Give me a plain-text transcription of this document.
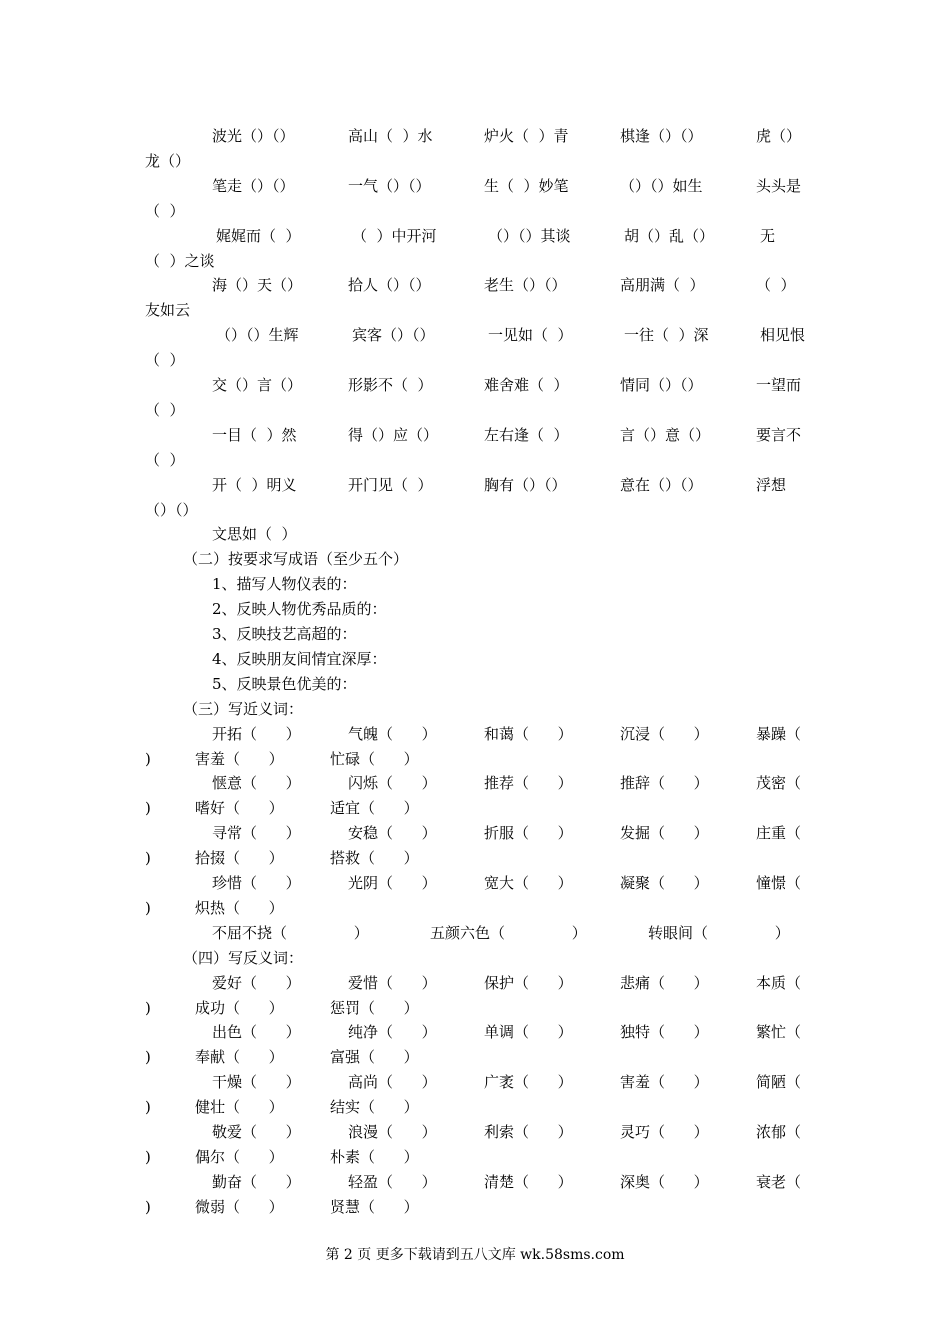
波光（）（）	高山（  ）水	炉火（  ）青	棋逢（）（）	虎（）
龙（）
笔走（）（）	一气（）（）	生（  ）妙笔	（）（）如生	头头是
（  ）
娓娓而（  ）	（  ）中开河	（）（）其谈	胡（）乱（）	无
（  ）之谈
海（）天（）	拾人（）（）	老生（）（）	高朋满（  ）	（  ）
友如云
（）（）生辉	宾客（）（）	一见如（  ）	一往（  ）深	相见恨
（  ）
交（）言（）	形影不（  ）	难舍难（  ）	情同（）（）	一望而
（  ）
一目（  ）然	得（）应（）	左右逢（  ）	言（）意（）	要言不
（  ）
开（  ）明义	开门见（  ）	胸有（）（）	意在（）（）	浮想
（）（）
文思如（  ）
（二）按要求写成语（至少五个）
1、描写人物仪表的：
2、反映人物优秀品质的：
3、反映技艺高超的：
4、反映朋友间情宜深厚：
5、反映景色优美的：
（三）写近义词：
开拓（      ）	气魄（      ）	和蔼（      ）	沉浸（      ）	暴躁（
)	害羞（      ）	忙碌（      ）
惬意（      ）	闪烁（      ）	推荐（      ）	推辞（      ）	茂密（
)	嗜好（      ）	适宜（      ）
寻常（      ）	安稳（      ）	折服（      ）	发掘（      ）	庄重（
)	拾掇（      ）	搭救（      ）
珍惜（      ）	光阴（      ）	宽大（      ）	凝聚（      ）	憧憬（
)	炽热（      ）
不屈不挠（              ）	五颜六色（              ）	转眼间（              ）
（四）写反义词：
爱好（      ）	爱惜（      ）	保护（      ）	悲痛（      ）	本质（
)	成功（      ）	惩罚（      ）
出色（      ）	纯净（      ）	单调（      ）	独特（      ）	繁忙（
)	奉献（      ）	富强（      ）
干燥（      ）	高尚（      ）	广袤（      ）	害羞（      ）	简陋（
)	健壮（      ）	结实（      ）
敬爱（      ）	浪漫（      ）	利索（      ）	灵巧（      ）	浓郁（
)	偶尔（      ）	朴素（      ）
勤奋（      ）	轻盈（      ）	清楚（      ）	深奥（      ）	衰老（
)	微弱（      ）	贤慧（      ）
第 2 页 更多下载请到五八文库 wk.58sms.com
